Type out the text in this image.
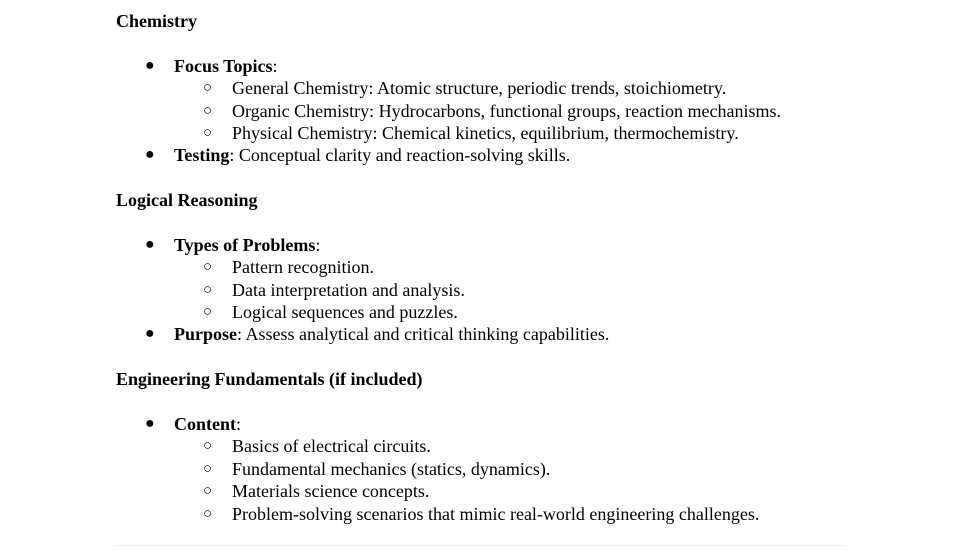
Chemistry
● Focus Topics:
○ General Chemistry: Atomic structure, periodic trends, stoichiometry.
○ Organic Chemistry: Hydrocarbons, functional groups, reaction mechanisms.
○ Physical Chemistry: Chemical kinetics, equilibrium, thermochemistry.
● Testing: Conceptual clarity and reaction-solving skills.
Logical Reasoning
● Types of Problems:
○ Pattern recognition.
○ Data interpretation and analysis.
○ Logical sequences and puzzles.
● Purpose: Assess analytical and critical thinking capabilities.
Engineering Fundamentals (if included)
● Content:
○ Basics of electrical circuits.
○ Fundamental mechanics (statics, dynamics).
○ Materials science concepts.
○ Problem-solving scenarios that mimic real-world engineering challenges.
